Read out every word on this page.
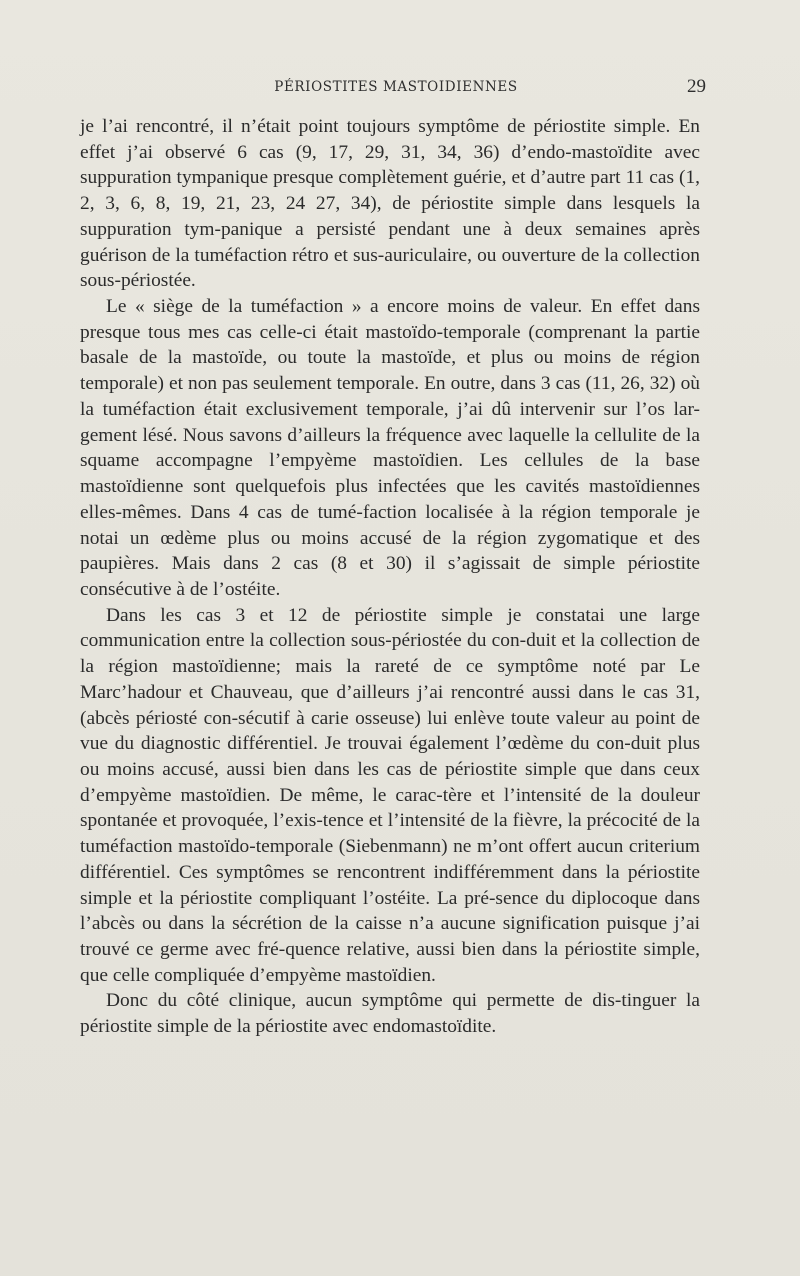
PÉRIOSTITES MASTOIDIENNES	29

je l’ai rencontré, il n’était point toujours symptôme de périostite simple. En effet j’ai observé 6 cas (9, 17, 29, 31, 34, 36) d’endo-mastoïdite avec suppuration tympanique presque complètement guérie, et d’autre part 11 cas (1, 2, 3, 6, 8, 19, 21, 23, 24 27, 34), de périostite simple dans lesquels la suppuration tym-panique a persisté pendant une à deux semaines après guérison de la tuméfaction rétro et sus-auriculaire, ou ouverture de la collection sous-périostée.

Le « siège de la tuméfaction » a encore moins de valeur. En effet dans presque tous mes cas celle-ci était mastoïdo-temporale (comprenant la partie basale de la mastoïde, ou toute la mastoïde, et plus ou moins de région temporale) et non pas seulement temporale. En outre, dans 3 cas (11, 26, 32) où la tuméfaction était exclusivement temporale, j’ai dû intervenir sur l’os lar-gement lésé. Nous savons d’ailleurs la fréquence avec laquelle la cellulite de la squame accompagne l’empyème mastoïdien. Les cellules de la base mastoïdienne sont quelquefois plus infectées que les cavités mastoïdiennes elles-mêmes. Dans 4 cas de tumé-faction localisée à la région temporale je notai un œdème plus ou moins accusé de la région zygomatique et des paupières. Mais dans 2 cas (8 et 30) il s’agissait de simple périostite consécutive à de l’ostéite.

Dans les cas 3 et 12 de périostite simple je constatai une large communication entre la collection sous-périostée du con-duit et la collection de la région mastoïdienne; mais la rareté de ce symptôme noté par Le Marc’hadour et Chauveau, que d’ailleurs j’ai rencontré aussi dans le cas 31, (abcès périosté con-sécutif à carie osseuse) lui enlève toute valeur au point de vue du diagnostic différentiel. Je trouvai également l’œdème du con-duit plus ou moins accusé, aussi bien dans les cas de périostite simple que dans ceux d’empyème mastoïdien. De même, le carac-tère et l’intensité de la douleur spontanée et provoquée, l’exis-tence et l’intensité de la fièvre, la précocité de la tuméfaction mastoïdo-temporale (Siebenmann) ne m’ont offert aucun criterium différentiel. Ces symptômes se rencontrent indifféremment dans la périostite simple et la périostite compliquant l’ostéite. La pré-sence du diplocoque dans l’abcès ou dans la sécrétion de la caisse n’a aucune signification puisque j’ai trouvé ce germe avec fré-quence relative, aussi bien dans la périostite simple, que celle compliquée d’empyème mastoïdien.

Donc du côté clinique, aucun symptôme qui permette de dis-tinguer la périostite simple de la périostite avec endomastoïdite.
